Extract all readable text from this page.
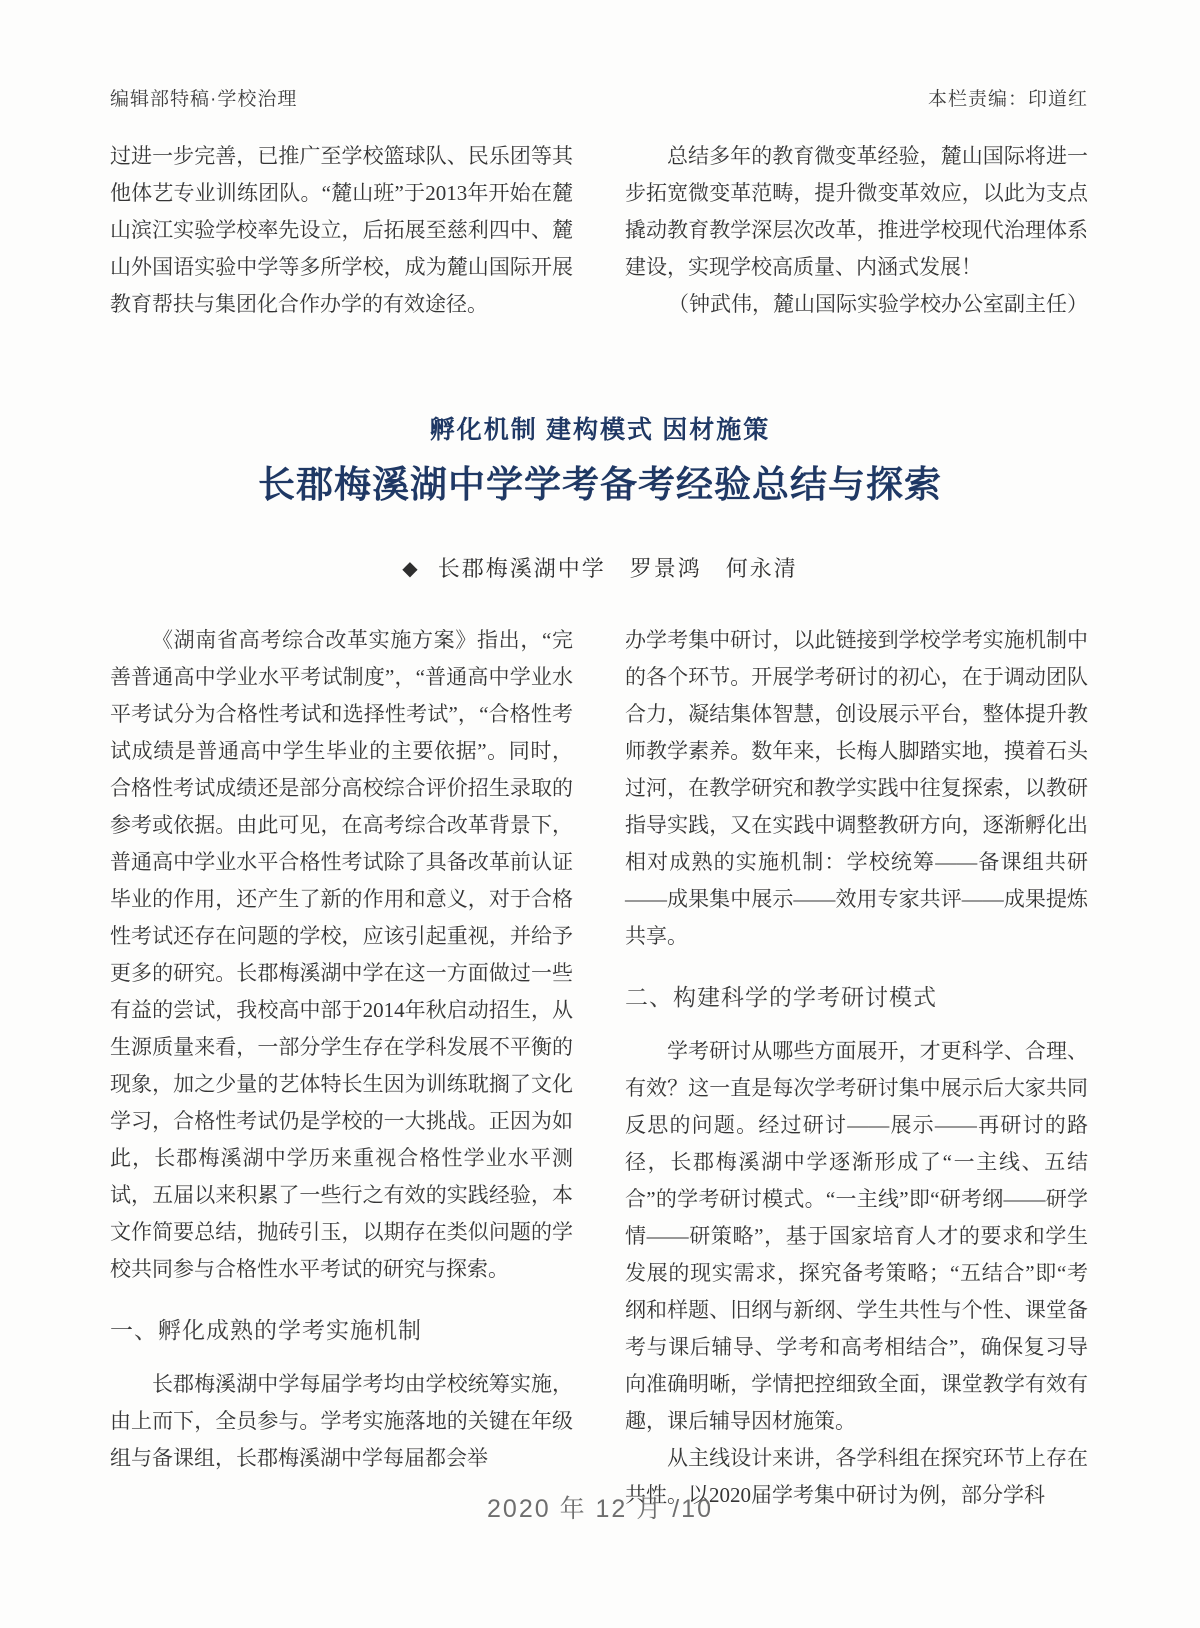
编辑部特稿·学校治理	本栏责编：印道红

过进一步完善，已推广至学校篮球队、民乐团等其他体艺专业训练团队。“麓山班”于2013年开始在麓山滨江实验学校率先设立，后拓展至慈利四中、麓山外国语实验中学等多所学校，成为麓山国际开展教育帮扶与集团化合作办学的有效途径。

总结多年的教育微变革经验，麓山国际将进一步拓宽微变革范畴，提升微变革效应，以此为支点撬动教育教学深层次改革，推进学校现代治理体系建设，实现学校高质量、内涵式发展！

（钟武伟，麓山国际实验学校办公室副主任）

孵化机制 建构模式 因材施策

长郡梅溪湖中学学考备考经验总结与探索
◆ 长郡梅溪湖中学　罗景鸿　何永清

《湖南省高考综合改革实施方案》指出，“完善普通高中学业水平考试制度”，“普通高中学业水平考试分为合格性考试和选择性考试”，“合格性考试成绩是普通高中学生毕业的主要依据”。同时，合格性考试成绩还是部分高校综合评价招生录取的参考或依据。由此可见，在高考综合改革背景下，普通高中学业水平合格性考试除了具备改革前认证毕业的作用，还产生了新的作用和意义，对于合格性考试还存在问题的学校，应该引起重视，并给予更多的研究。长郡梅溪湖中学在这一方面做过一些有益的尝试，我校高中部于2014年秋启动招生，从生源质量来看，一部分学生存在学科发展不平衡的现象，加之少量的艺体特长生因为训练耽搁了文化学习，合格性考试仍是学校的一大挑战。正因为如此，长郡梅溪湖中学历来重视合格性学业水平测试，五届以来积累了一些行之有效的实践经验，本文作简要总结，抛砖引玉，以期存在类似问题的学校共同参与合格性水平考试的研究与探索。

一、孵化成熟的学考实施机制

长郡梅溪湖中学每届学考均由学校统筹实施，由上而下，全员参与。学考实施落地的关键在年级组与备课组，长郡梅溪湖中学每届都会举

办学考集中研讨，以此链接到学校学考实施机制中的各个环节。开展学考研讨的初心，在于调动团队合力，凝结集体智慧，创设展示平台，整体提升教师教学素养。数年来，长梅人脚踏实地，摸着石头过河，在教学研究和教学实践中往复探索，以教研指导实践，又在实践中调整教研方向，逐渐孵化出相对成熟的实施机制：学校统筹——备课组共研——成果集中展示——效用专家共评——成果提炼共享。

二、构建科学的学考研讨模式

学考研讨从哪些方面展开，才更科学、合理、有效？这一直是每次学考研讨集中展示后大家共同反思的问题。经过研讨——展示——再研讨的路径，长郡梅溪湖中学逐渐形成了“一主线、五结合”的学考研讨模式。“一主线”即“研考纲——研学情——研策略”，基于国家培育人才的要求和学生发展的现实需求，探究备考策略；“五结合”即“考纲和样题、旧纲与新纲、学生共性与个性、课堂备考与课后辅导、学考和高考相结合”，确保复习导向准确明晰，学情把控细致全面，课堂教学有效有趣，课后辅导因材施策。

从主线设计来讲，各学科组在探究环节上存在共性。以2020届学考集中研讨为例，部分学科

2020 年 12 月 /10
